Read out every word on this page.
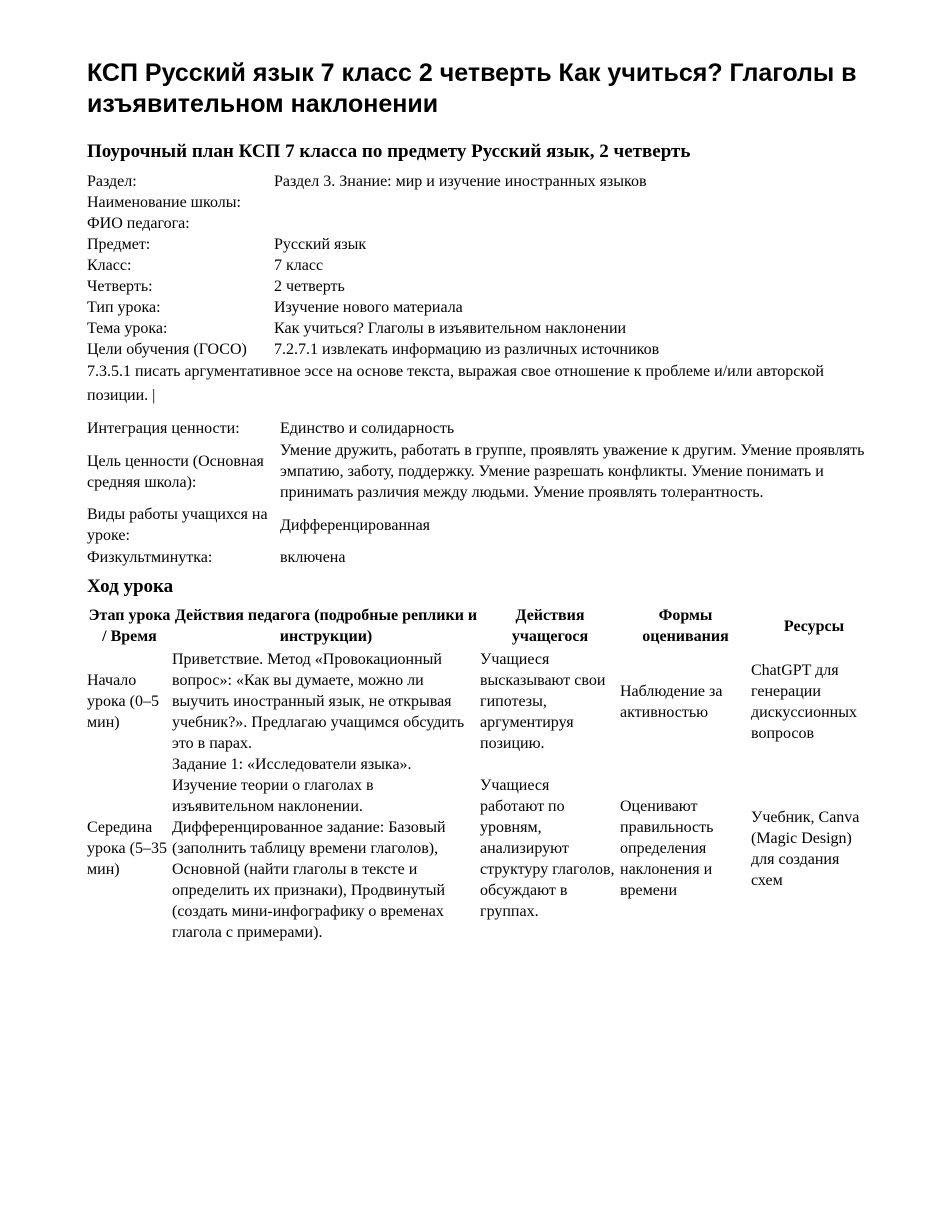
КСП Русский язык 7 класс 2 четверть Как учиться? Глаголы в изъявительном наклонении
Поурочный план КСП 7 класса по предмету Русский язык, 2 четверть
Раздел:	Раздел 3. Знание: мир и изучение иностранных языков
Наименование школы:	
ФИО педагога:	
Предмет:	Русский язык
Класс:	7 класс
Четверть:	2 четверть
Тип урока:	Изучение нового материала
Тема урока:	Как учиться? Глаголы в изъявительном наклонении
Цели обучения (ГОСО)	7.2.7.1 извлекать информацию из различных источников

7.3.5.1 писать аргументативное эссе на основе текста, выражая свое отношение к проблеме и/или авторской позиции. |

Интеграция ценности:	Единство и солидарность
Цель ценности (Основная средняя школа):	Умение дружить, работать в группе, проявлять уважение к другим. Умение проявлять эмпатию, заботу, поддержку. Умение разрешать конфликты. Умение понимать и принимать различия между людьми. Умение проявлять толерантность.
Виды работы учащихся на уроке:	Дифференцированная
Физкультминутка:	включена
Ход урока
Этап урока / Время	Действия педагога (подробные реплики и инструкции)	Действия учащегося	Формы оценивания	Ресурсы
Начало урока (0–5 мин)	Приветствие. Метод «Провокационный вопрос»: «Как вы думаете, можно ли выучить иностранный язык, не открывая учебник?». Предлагаю учащимся обсудить это в парах.	Учащиеся высказывают свои гипотезы, аргументируя позицию.	Наблюдение за активностью	ChatGPT для генерации дискуссионных вопросов
Середина урока (5–35 мин)	Задание 1: «Исследователи языка». Изучение теории о глаголах в изъявительном наклонении. Дифференцированное задание: Базовый (заполнить таблицу времени глаголов), Основной (найти глаголы в тексте и определить их признаки), Продвинутый (создать мини-инфографику о временах глагола с примерами).	Учащиеся работают по уровням, анализируют структуру глаголов, обсуждают в группах.	Оценивают правильность определения наклонения и времени	Учебник, Canva (Magic Design) для создания схем
